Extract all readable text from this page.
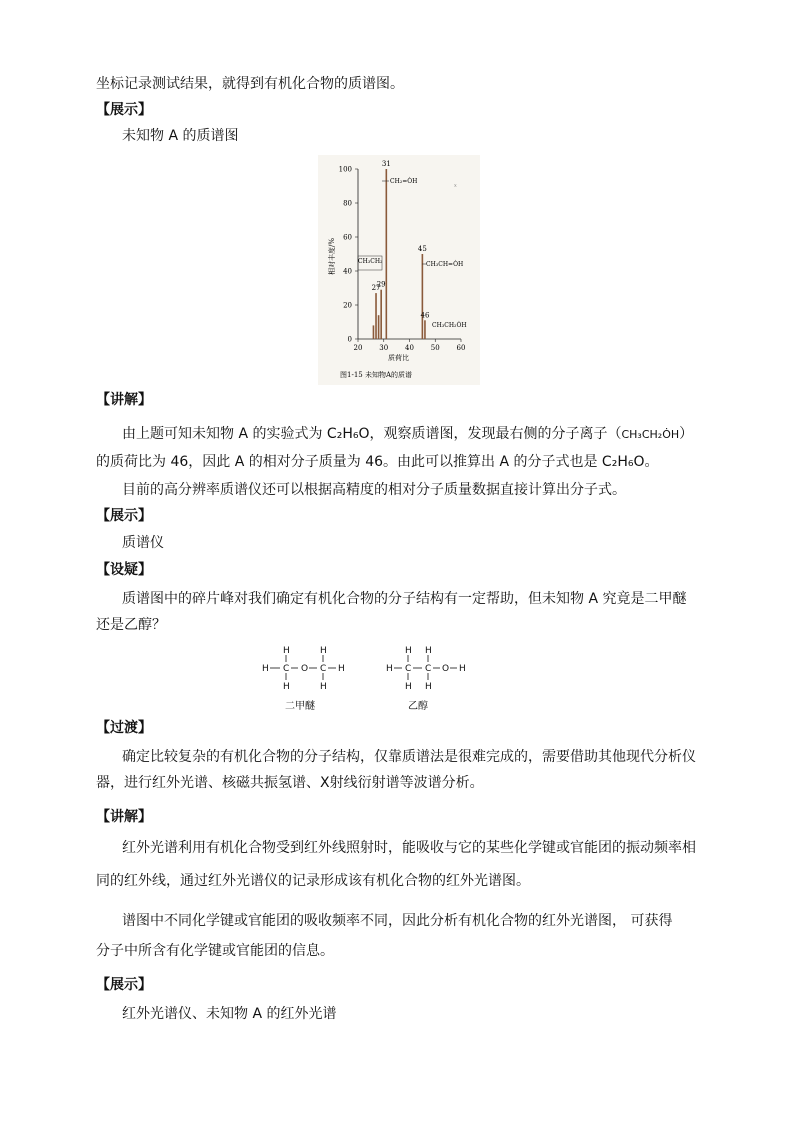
坐标记录测试结果，就得到有机化合物的质谱图。
【展示】
未知物 A 的质谱图
0
20
40
60
80
100
20 30 40 50 60
27
29
31
45
46
CH₂=ȮH
CH₃CH₂	CH₃CH=ȮH
CH₃CH₂ȮH
相对丰度/%
质荷比
图1-15 未知物A的质谱
ˣ
【讲解】
由上题可知未知物 A 的实验式为 C₂H₆O，观察质谱图，发现最右侧的分子离子（CH₃CH₂ȮH）
的质荷比为 46，因此 A 的相对分子质量为 46。由此可以推算出 A 的分子式也是 C₂H₆O。
目前的高分辨率质谱仪还可以根据高精度的相对分子质量数据直接计算出分子式。
【展示】
质谱仪
【设疑】
质谱图中的碎片峰对我们确定有机化合物的分子结构有一定帮助，但未知物 A 究竟是二甲醚
还是乙醇？
H	H
H C O C H
H	H
H H
H C C O H
H H
二甲醚	乙醇
【过渡】
确定比较复杂的有机化合物的分子结构，仅靠质谱法是很难完成的，需要借助其他现代分析仪
器，进行红外光谱、核磁共振氢谱、X射线衍射谱等波谱分析。
【讲解】
红外光谱利用有机化合物受到红外线照射时，能吸收与它的某些化学键或官能团的振动频率相
同的红外线，通过红外光谱仪的记录形成该有机化合物的红外光谱图。
谱图中不同化学键或官能团的吸收频率不同，因此分析有机化合物的红外光谱图， 可获得
分子中所含有化学键或官能团的信息。
【展示】
红外光谱仪、未知物 A 的红外光谱
